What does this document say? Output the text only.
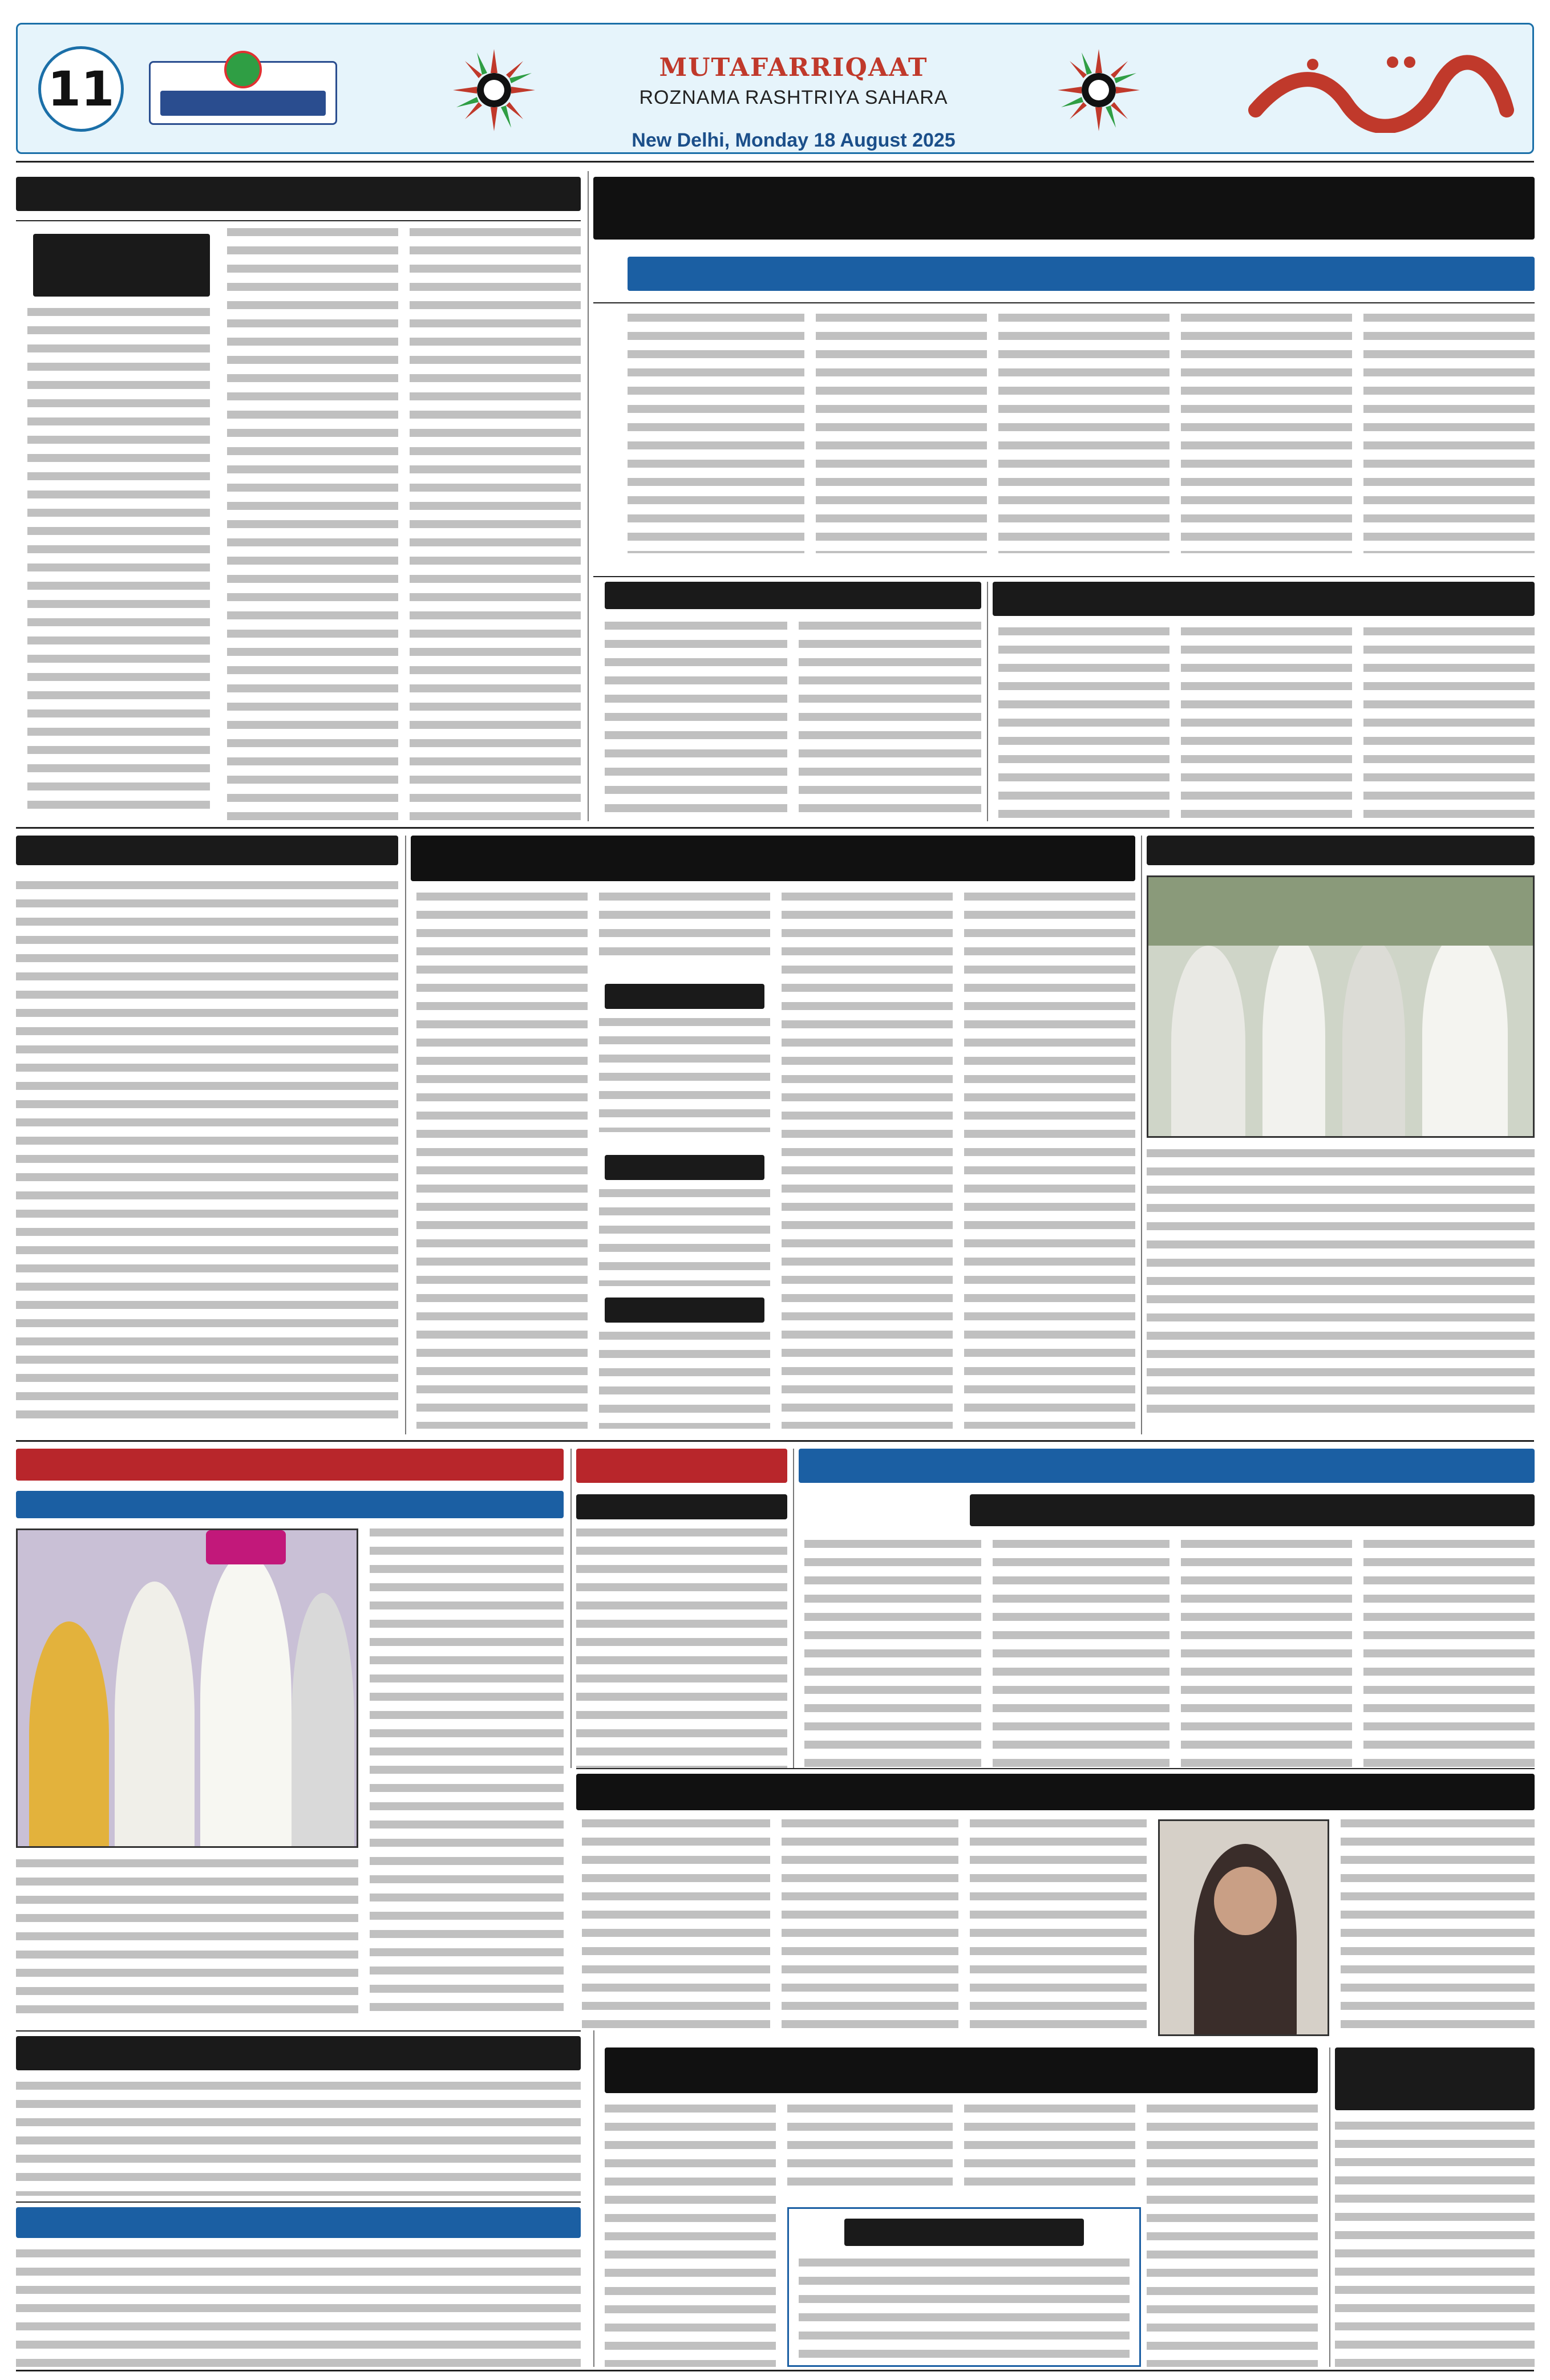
11	MUTAFARRIQAAT
ROZNAMA RASHTRIYA SAHARA
New Delhi, Monday 18 August 2025
